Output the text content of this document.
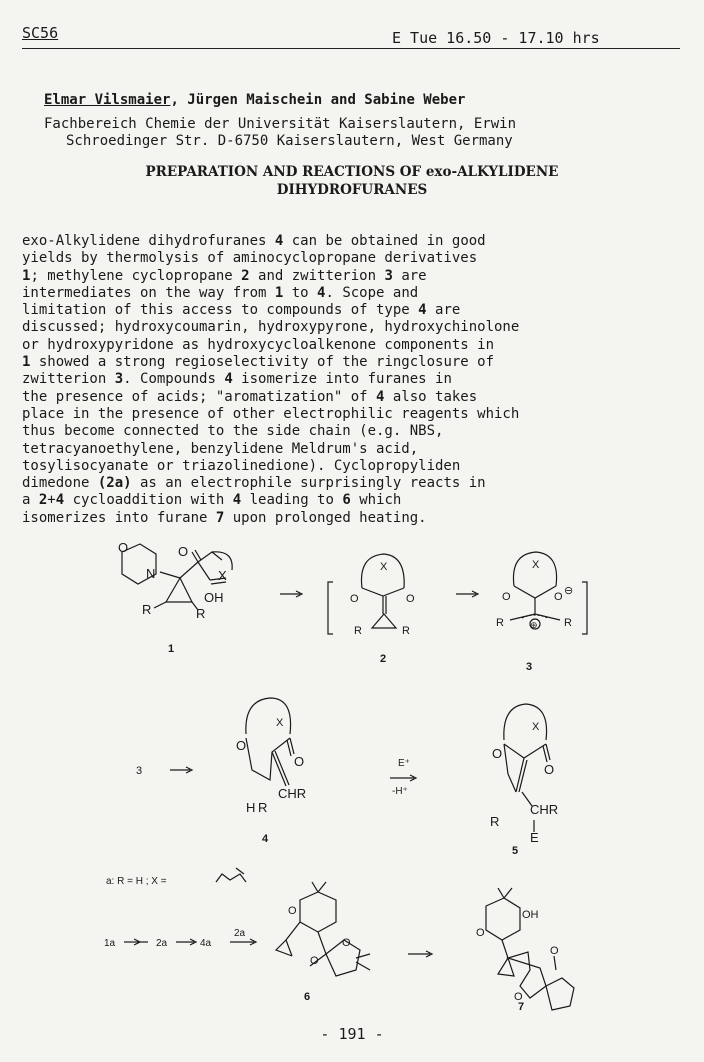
SC56	E Tue 16.50 - 17.10 hrs
Elmar Vilsmaier, Jürgen Maischein and Sabine Weber
Fachbereich Chemie der Universität Kaiserslautern, Erwin
Schroedinger Str. D-6750 Kaiserslautern, West Germany
PREPARATION AND REACTIONS OF exo-ALKYLIDENE
DIHYDROFURANES
exo-Alkylidene dihydrofuranes 4 can be obtained in good
yields by thermolysis of aminocyclopropane derivatives
1; methylene cyclopropane 2 and zwitterion 3 are
intermediates on the way from 1 to 4. Scope and
limitation of this access to compounds of type 4 are
discussed; hydroxycoumarin, hydroxypyrone, hydroxychinolone
or hydroxypyridone as hydroxycycloalkenone components in
1 showed a strong regioselectivity of the ringclosure of
zwitterion 3. Compounds 4 isomerize into furanes in
the presence of acids; "aromatization" of 4 also takes
place in the presence of other electrophilic reagents which
thus become connected to the side chain (e.g. NBS,
tetracyanoethylene, benzylidene Meldrum's acid,
tosylisocyanate or triazolinedione). Cyclopropyliden
dimedone (2a) as an electrophile surprisingly reacts in
a 2+4 cycloaddition with 4 leading to 6 which
isomerizes into furane 7 upon prolonged heating.
O
N
O
X
OH
R	R
O	O
X
R	R
O	O
X
⊖
⊕
R	R
3
O
O
X
CHR
H R
E⁺
-H⁺
O
O
X
CHR
E
R
a: R = H ; X =
1a	2a	4a
2a
O
O
O
O
OH
O
O
1
2
3
4
5
6
7
- 191 -
